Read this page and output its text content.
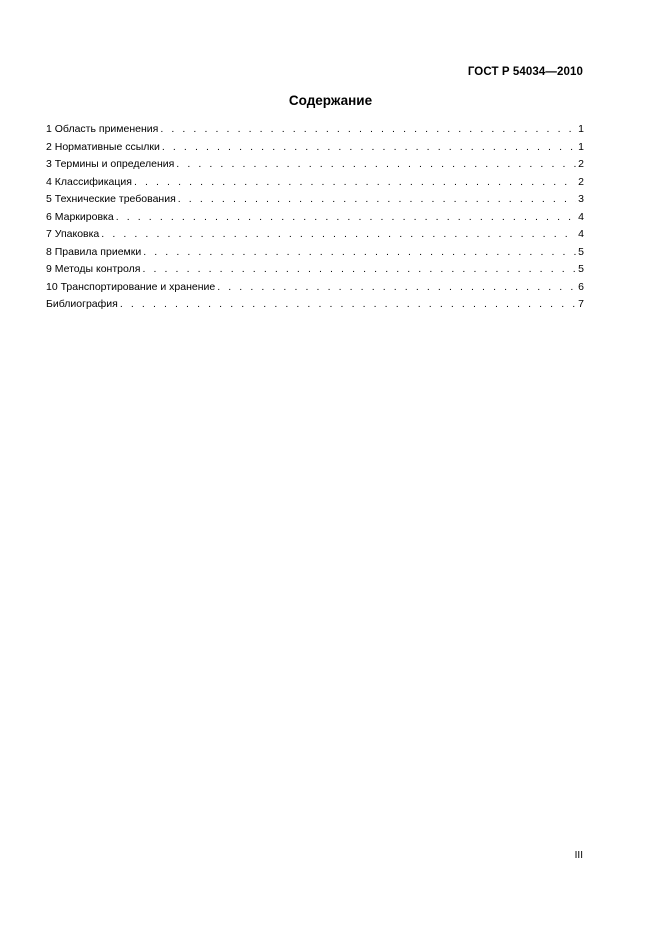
ГОСТ Р 54034—2010
Содержание
1 Область применения . . .	1
2 Нормативные ссылки . . .	1
3 Термины и определения . . .	2
4 Классификация . . .	2
5 Технические требования . . .	3
6 Маркировка . . .	4
7 Упаковка . . .	4
8 Правила приемки . . .	5
9 Методы контроля . . .	5
10 Транспортирование и хранение . . .	6
Библиография . . .	7
III
